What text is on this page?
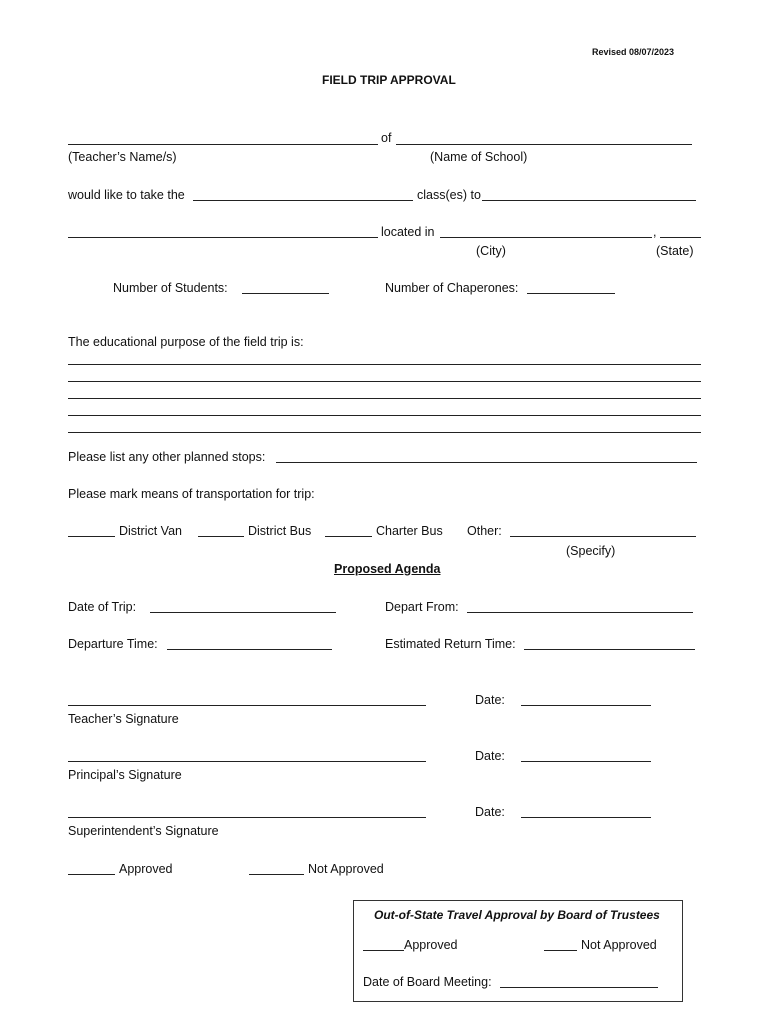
Revised 08/07/2023
FIELD TRIP APPROVAL
of
(Teacher’s Name/s)	(Name of School)
would like to take the	class(es) to
located in	,
(City)	(State)
Number of Students:	Number of Chaperones:
The educational purpose of the field trip is:
Please list any other planned stops:
Please mark means of transportation for trip:
District Van	District Bus	Charter Bus Other:
(Specify)
Proposed Agenda
Date of Trip:	Depart From:
Departure Time:	Estimated Return Time:
Date:
Teacher’s Signature
Date:
Principal’s Signature
Date:
Superintendent’s Signature
Approved	Not Approved
Out-of-State Travel Approval by Board of Trustees
Approved	Not Approved
Date of Board Meeting:
